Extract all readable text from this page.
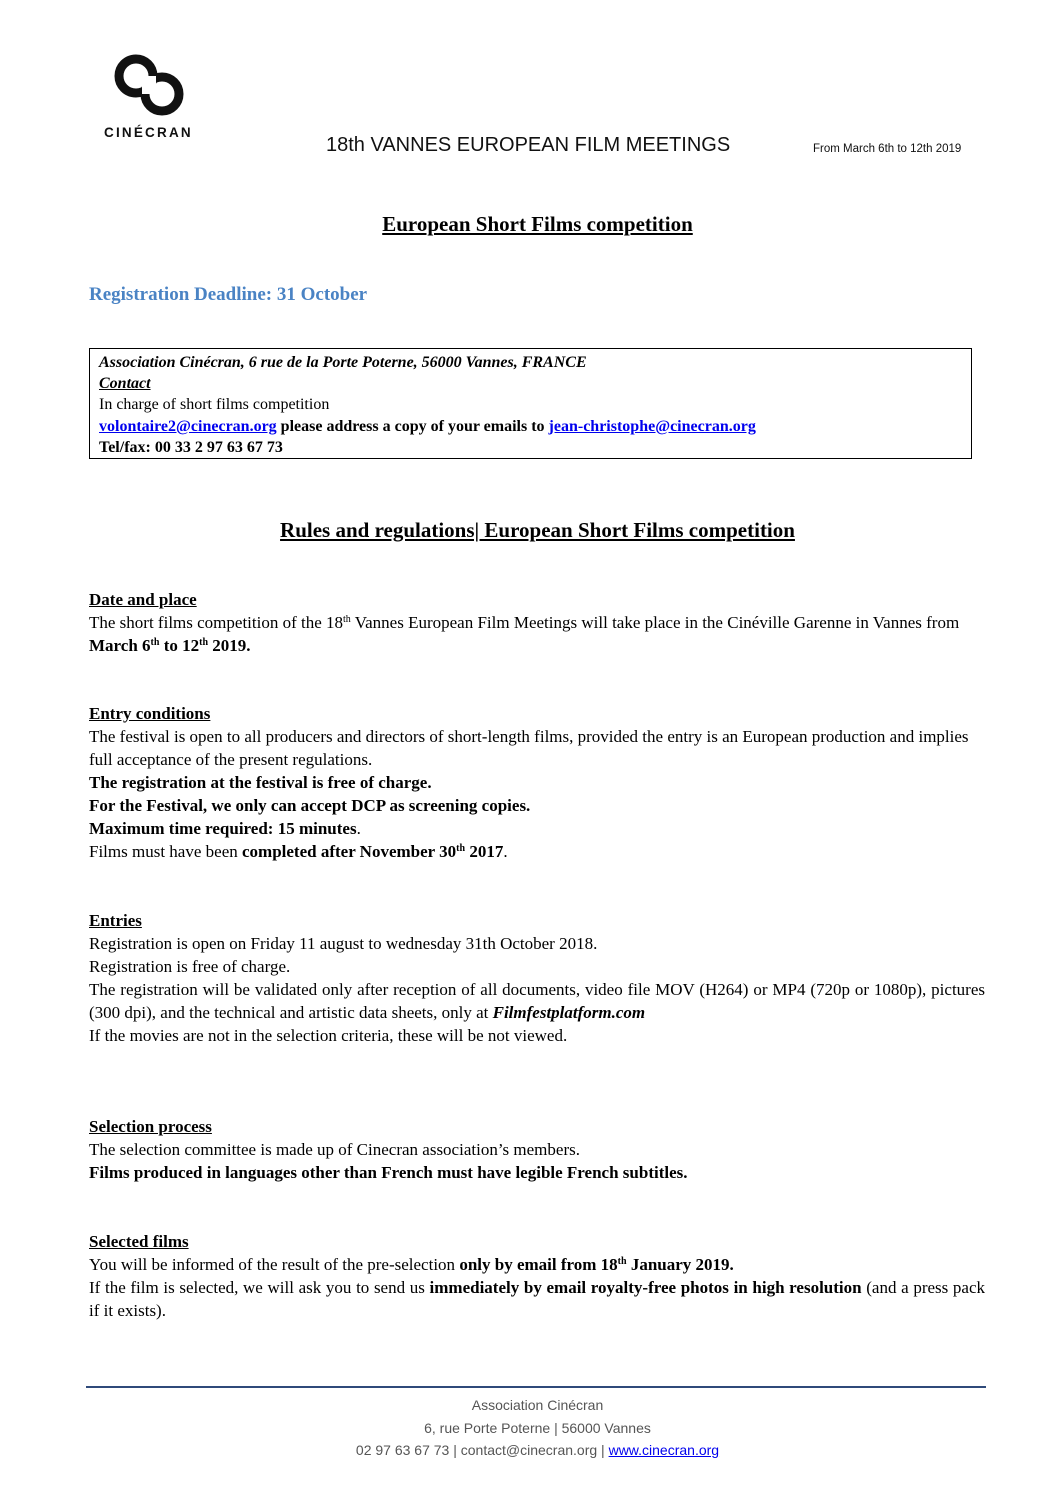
CINÉCRAN
18th VANNES EUROPEAN FILM MEETINGS	From March 6th to 12th 2019
European Short Films competition
Registration Deadline: 31 October
Association Cinécran, 6 rue de la Porte Poterne, 56000 Vannes, FRANCE
Contact
In charge of short films competition
volontaire2@cinecran.org please address a copy of your emails to jean-christophe@cinecran.org
Tel/fax: 00 33 2 97 63 67 73
Rules and regulations| European Short Films competition
Date and place
The short films competition of the 18th Vannes European Film Meetings will take place in the Cinéville Garenne in Vannes from March 6th to 12th 2019.
Entry conditions
The festival is open to all producers and directors of short-length films, provided the entry is an European production and implies full acceptance of the present regulations.
The registration at the festival is free of charge.
For the Festival, we only can accept DCP as screening copies.
Maximum time required: 15 minutes.
Films must have been completed after November 30th 2017.
Entries
Registration is open on Friday 11 august to wednesday 31th October 2018.
Registration is free of charge.
The registration will be validated only after reception of all documents, video file MOV (H264) or MP4 (720p or 1080p), pictures (300 dpi), and the technical and artistic data sheets, only at Filmfestplatform.com
If the movies are not in the selection criteria, these will be not viewed.
Selection process
The selection committee is made up of Cinecran association’s members.
Films produced in languages other than French must have legible French subtitles.
Selected films
You will be informed of the result of the pre-selection only by email from 18th January 2019.
If the film is selected, we will ask you to send us immediately by email royalty-free photos in high resolution (and a press pack if it exists).
Association Cinécran
6, rue Porte Poterne | 56000 Vannes
02 97 63 67 73 | contact@cinecran.org | www.cinecran.org
